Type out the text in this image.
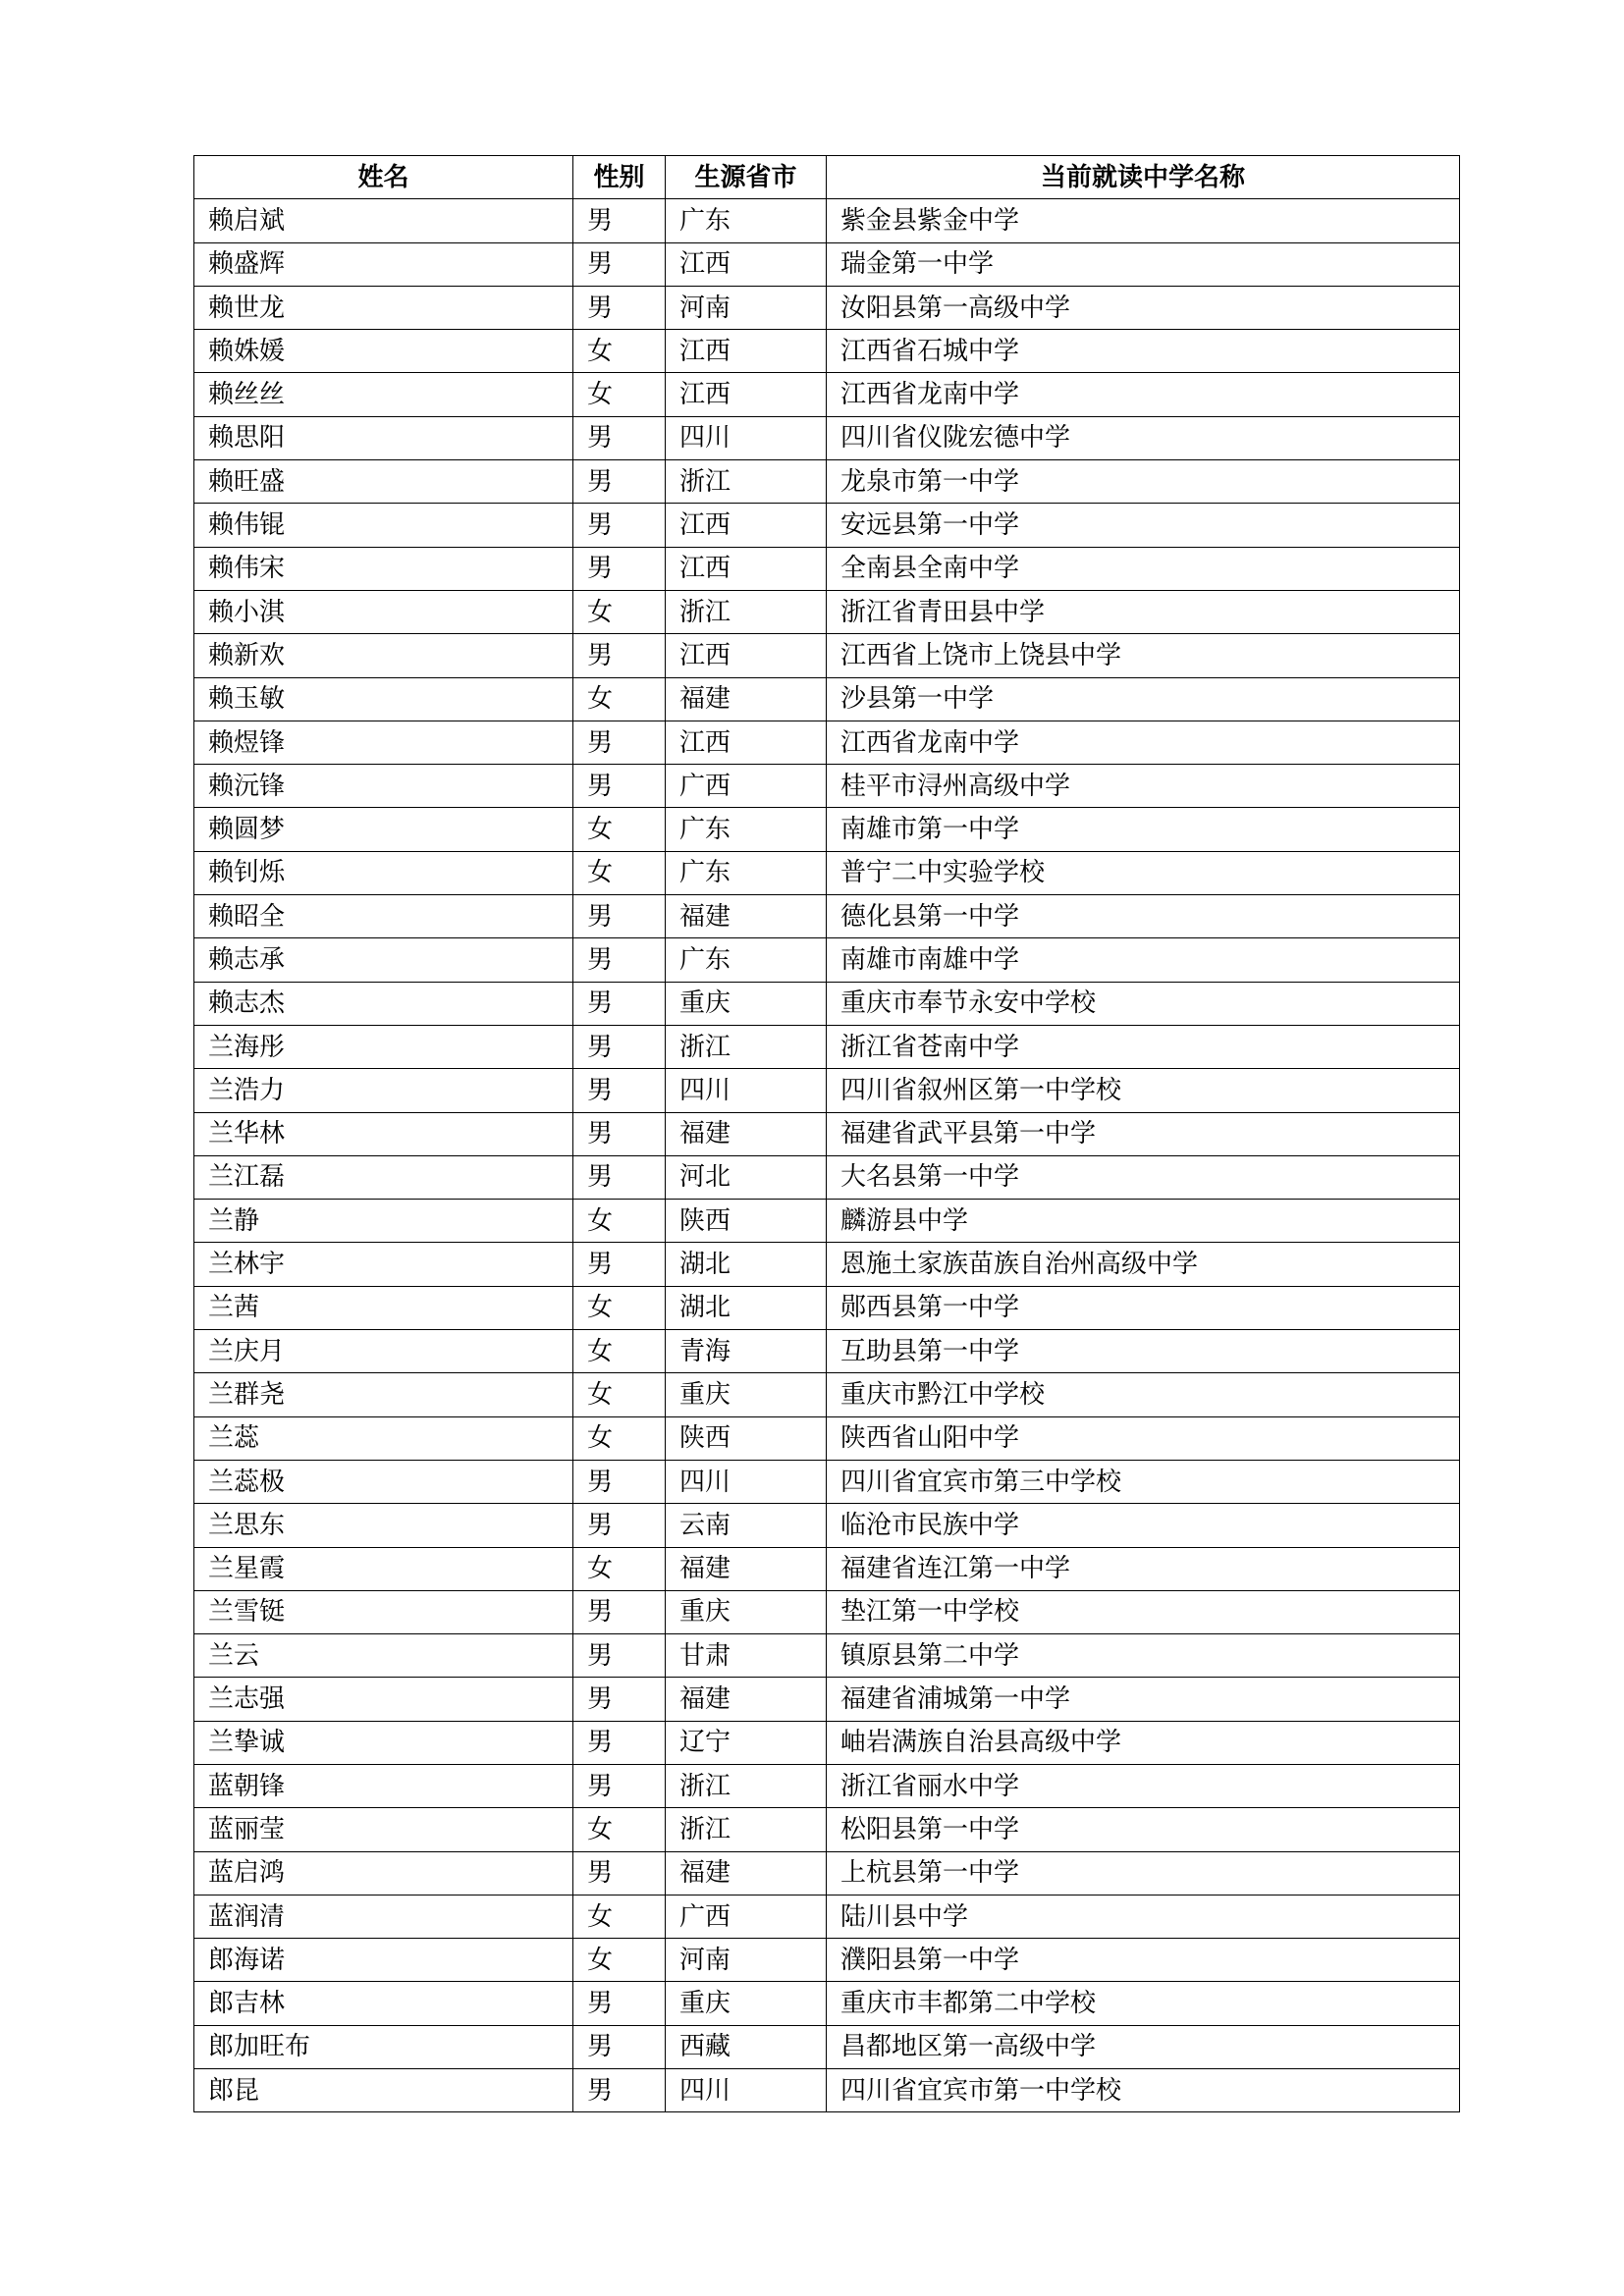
姓名	性别	生源省市	当前就读中学名称
赖启斌	男	广东	紫金县紫金中学
赖盛辉	男	江西	瑞金第一中学
赖世龙	男	河南	汝阳县第一高级中学
赖姝媛	女	江西	江西省石城中学
赖丝丝	女	江西	江西省龙南中学
赖思阳	男	四川	四川省仪陇宏德中学
赖旺盛	男	浙江	龙泉市第一中学
赖伟锟	男	江西	安远县第一中学
赖伟宋	男	江西	全南县全南中学
赖小淇	女	浙江	浙江省青田县中学
赖新欢	男	江西	江西省上饶市上饶县中学
赖玉敏	女	福建	沙县第一中学
赖煜锋	男	江西	江西省龙南中学
赖沅锋	男	广西	桂平市浔州高级中学
赖圆梦	女	广东	南雄市第一中学
赖钊烁	女	广东	普宁二中实验学校
赖昭全	男	福建	德化县第一中学
赖志承	男	广东	南雄市南雄中学
赖志杰	男	重庆	重庆市奉节永安中学校
兰海彤	男	浙江	浙江省苍南中学
兰浩力	男	四川	四川省叙州区第一中学校
兰华林	男	福建	福建省武平县第一中学
兰江磊	男	河北	大名县第一中学
兰静	女	陕西	麟游县中学
兰林宇	男	湖北	恩施土家族苗族自治州高级中学
兰茜	女	湖北	郧西县第一中学
兰庆月	女	青海	互助县第一中学
兰群尧	女	重庆	重庆市黔江中学校
兰蕊	女	陕西	陕西省山阳中学
兰蕊极	男	四川	四川省宜宾市第三中学校
兰思东	男	云南	临沧市民族中学
兰星霞	女	福建	福建省连江第一中学
兰雪铤	男	重庆	垫江第一中学校
兰云	男	甘肃	镇原县第二中学
兰志强	男	福建	福建省浦城第一中学
兰挚诚	男	辽宁	岫岩满族自治县高级中学
蓝朝锋	男	浙江	浙江省丽水中学
蓝丽莹	女	浙江	松阳县第一中学
蓝启鸿	男	福建	上杭县第一中学
蓝润清	女	广西	陆川县中学
郎海诺	女	河南	濮阳县第一中学
郎吉林	男	重庆	重庆市丰都第二中学校
郎加旺布	男	西藏	昌都地区第一高级中学
郎昆	男	四川	四川省宜宾市第一中学校
